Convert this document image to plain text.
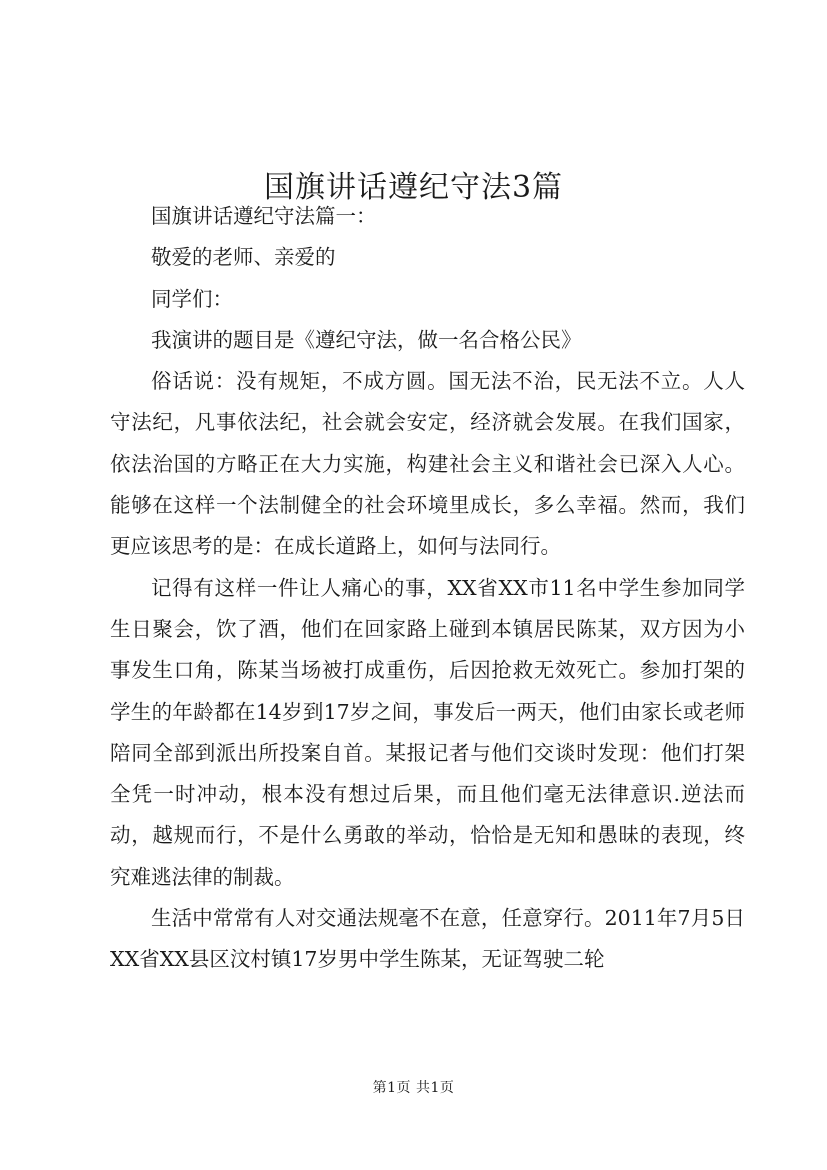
国旗讲话遵纪守法3篇

国旗讲话遵纪守法篇一：

敬爱的老师、亲爱的

同学们：

我演讲的题目是《遵纪守法，做一名合格公民》

俗话说：没有规矩，不成方圆。国无法不治，民无法不立。人人守法纪，凡事依法纪，社会就会安定，经济就会发展。在我们国家，依法治国的方略正在大力实施，构建社会主义和谐社会已深入人心。能够在这样一个法制健全的社会环境里成长，多么幸福。然而，我们更应该思考的是：在成长道路上，如何与法同行。

记得有这样一件让人痛心的事，XX省XX市11名中学生参加同学生日聚会，饮了酒，他们在回家路上碰到本镇居民陈某，双方因为小事发生口角，陈某当场被打成重伤，后因抢救无效死亡。参加打架的学生的年龄都在14岁到17岁之间，事发后一两天，他们由家长或老师陪同全部到派出所投案自首。某报记者与他们交谈时发现：他们打架全凭一时冲动，根本没有想过后果，而且他们毫无法律意识.逆法而动，越规而行，不是什么勇敢的举动，恰恰是无知和愚昧的表现，终究难逃法律的制裁。

生活中常常有人对交通法规毫不在意，任意穿行。2011年7月5日XX省XX县区汶村镇17岁男中学生陈某，无证驾驶二轮

第1页 共1页
